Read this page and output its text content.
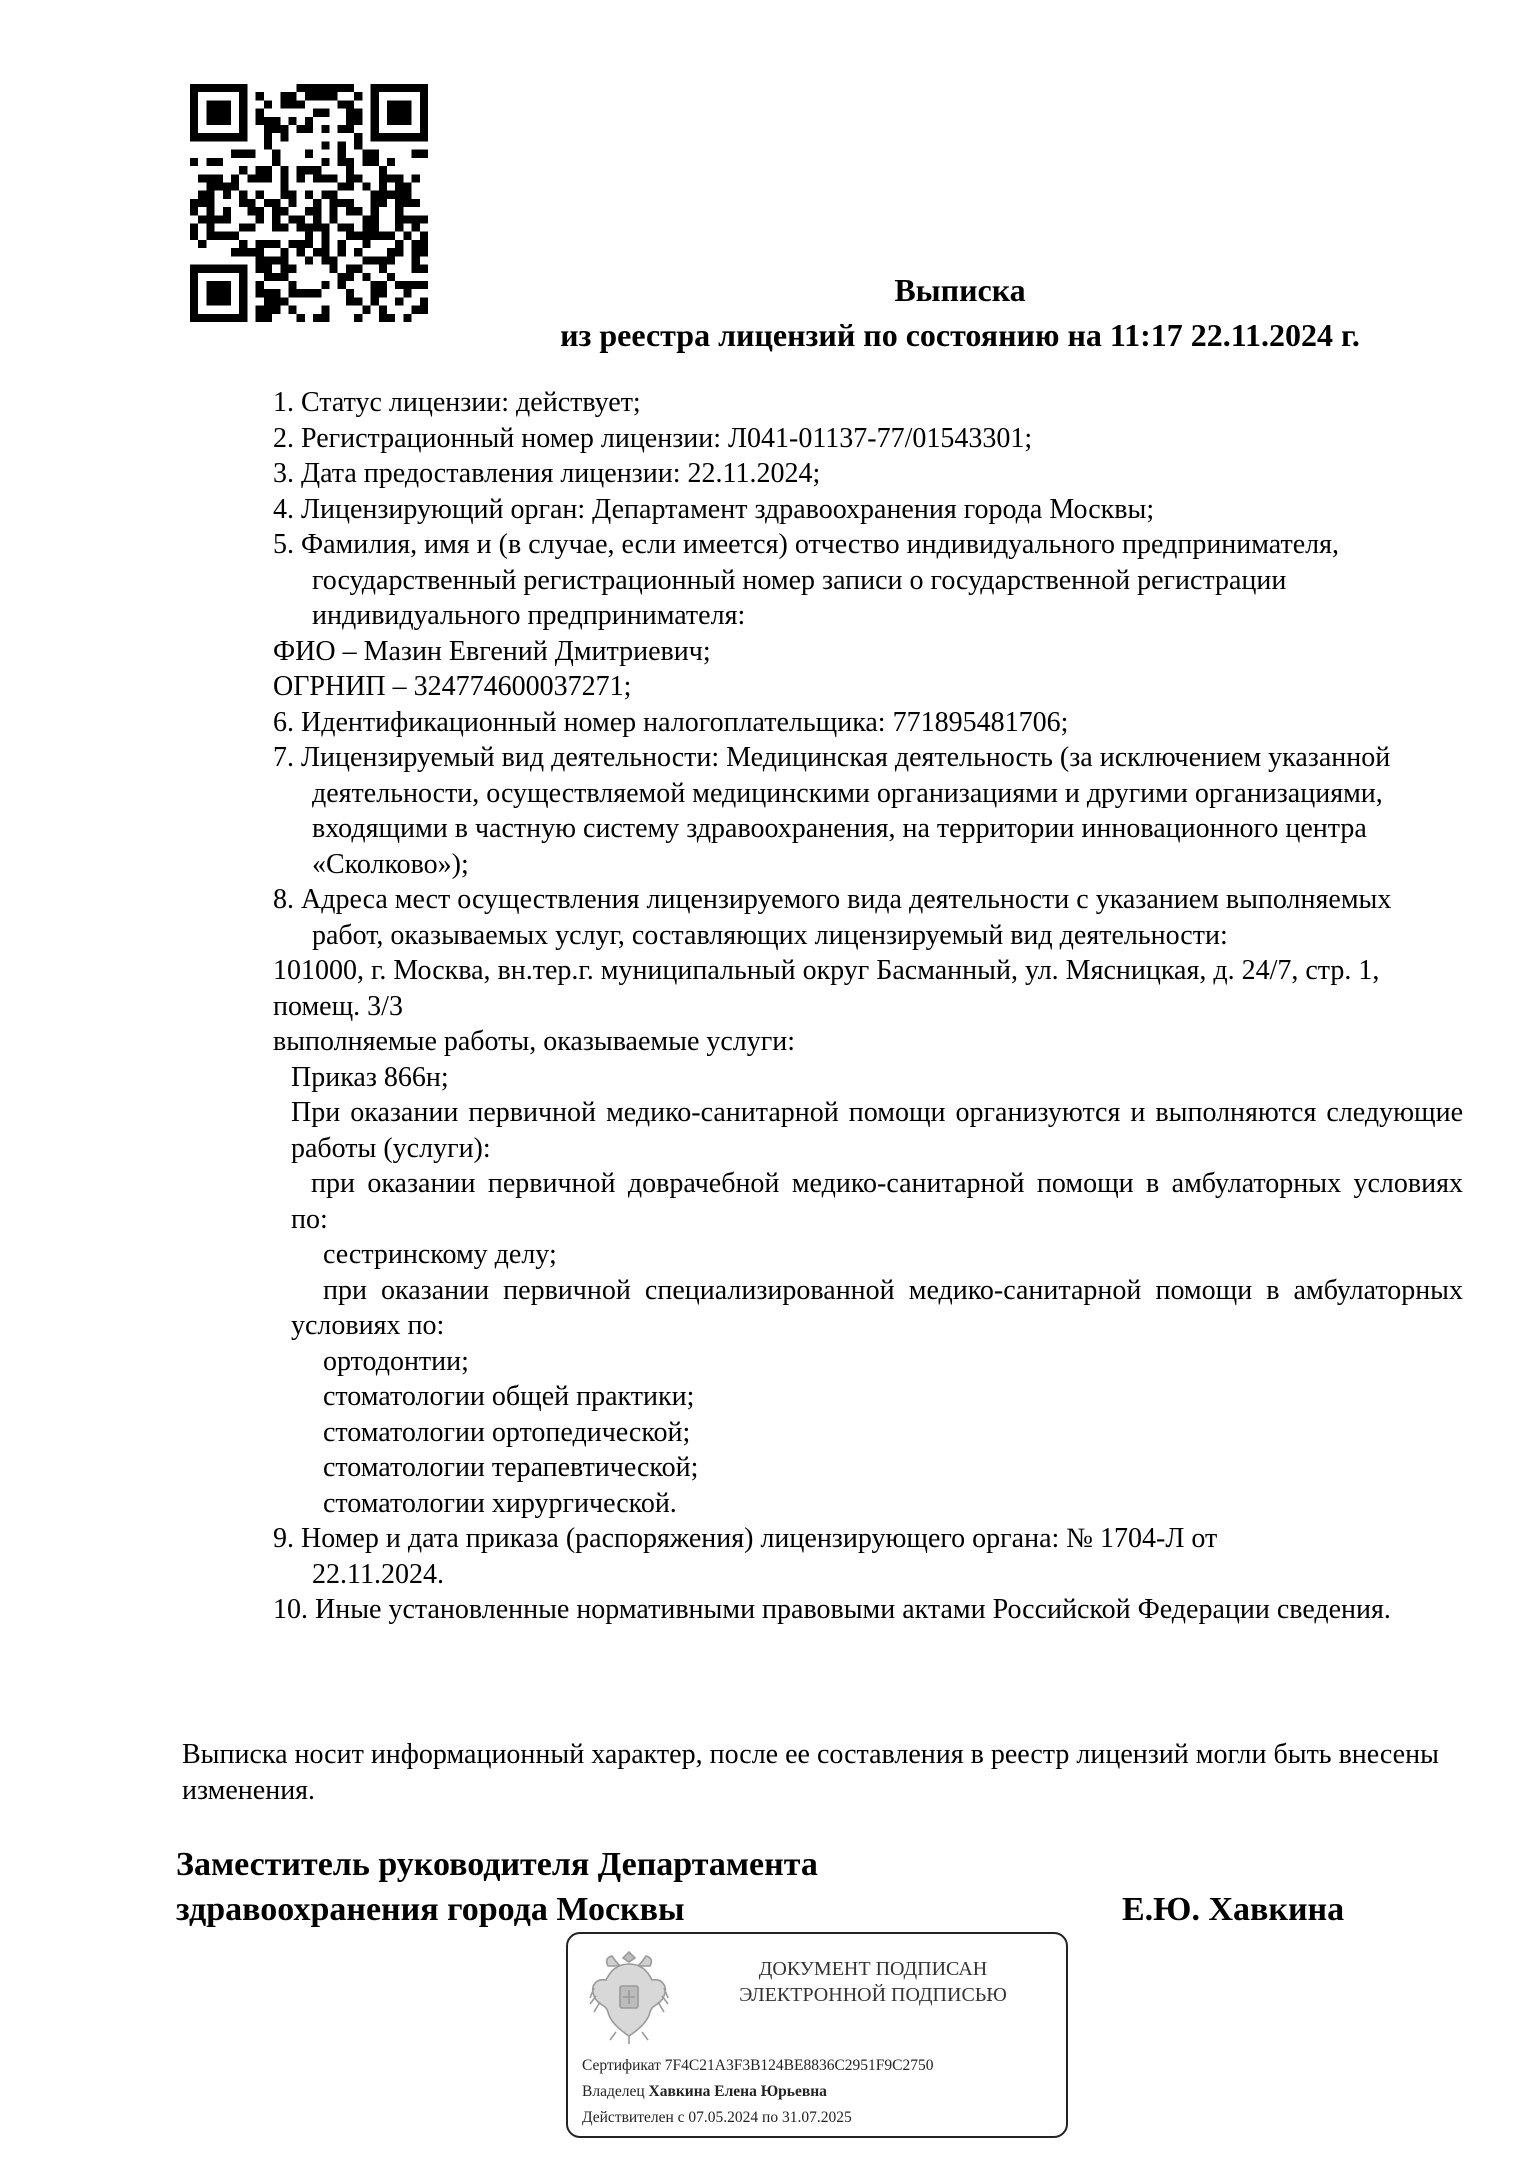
Выписка
из реестра лицензий по состоянию на 11:17 22.11.2024 г.

1. Статус лицензии: действует;

2. Регистрационный номер лицензии: Л041-01137-77/01543301;

3. Дата предоставления лицензии: 22.11.2024;

4. Лицензирующий орган: Департамент здравоохранения города Москвы;

5. Фамилия, имя и (в случае, если имеется) отчество индивидуального предпринимателя, государственный регистрационный номер записи о государственной регистрации индивидуального предпринимателя:

ФИО – Мазин Евгений Дмитриевич;

ОГРНИП – 324774600037271;

6. Идентификационный номер налогоплательщика: 771895481706;

7. Лицензируемый вид деятельности: Медицинская деятельность (за исключением указанной деятельности, осуществляемой медицинскими организациями и другими организациями, входящими в частную систему здравоохранения, на территории инновационного центра «Сколково»);

8. Адреса мест осуществления лицензируемого вида деятельности с указанием выполняемых работ, оказываемых услуг, составляющих лицензируемый вид деятельности:

101000, г. Москва, вн.тер.г. муниципальный округ Басманный, ул. Мясницкая, д. 24/7, стр. 1, помещ. 3/3

выполняемые работы, оказываемые услуги:

Приказ 866н;

При оказании первичной медико-санитарной помощи организуются и выполняются следующие работы (услуги):

при оказании первичной доврачебной медико-санитарной помощи в амбулаторных условиях по:

сестринскому делу;

при оказании первичной специализированной медико-санитарной помощи в амбулаторных условиях по:

ортодонтии;

стоматологии общей практики;

стоматологии ортопедической;

стоматологии терапевтической;

стоматологии хирургической.

9. Номер и дата приказа (распоряжения) лицензирующего органа: № 1704-Л от 22.11.2024.

10. Иные установленные нормативными правовыми актами Российской Федерации сведения.

Выписка носит информационный характер, после ее составления в реестр лицензий могли быть внесены изменения.
Заместитель руководителя Департамента
здравоохранения города Москвы	Е.Ю. Хавкина
ДОКУМЕНТ ПОДПИСАН
ЭЛЕКТРОННОЙ ПОДПИСЬЮ
Сертификат 7F4C21A3F3B124BE8836C2951F9C2750
Владелец Хавкина Елена Юрьевна
Действителен с 07.05.2024 по 31.07.2025
